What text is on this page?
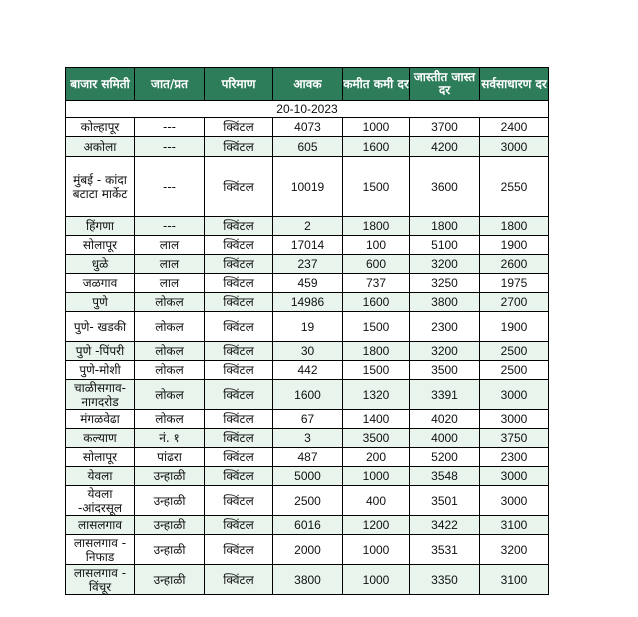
बाजार समिती	जात/प्रत	परिमाण	आवक	कमीत कमी दर	जास्तीत जास्त दर	सर्वसाधारण दर
20-10-2023						
कोल्हापूर	---	क्विंटल	4073	1000	3700	2400
अकोला	---	क्विंटल	605	1600	4200	3000
मुंबई - कांदा बटाटा मार्केट	---	क्विंटल	10019	1500	3600	2550
हिंगणा	---	क्विंटल	2	1800	1800	1800
सोलापूर	लाल	क्विंटल	17014	100	5100	1900
धुळे	लाल	क्विंटल	237	600	3200	2600
जळगाव	लाल	क्विंटल	459	737	3250	1975
पुणे	लोकल	क्विंटल	14986	1600	3800	2700
पुणे- खडकी	लोकल	क्विंटल	19	1500	2300	1900
पुणे -पिंपरी	लोकल	क्विंटल	30	1800	3200	2500
पुणे-मोशी	लोकल	क्विंटल	442	1500	3500	2500
चाळीसगाव-नागदरोड	लोकल	क्विंटल	1600	1320	3391	3000
मंगळवेढा	लोकल	क्विंटल	67	1400	4020	3000
कल्याण	नं. १	क्विंटल	3	3500	4000	3750
सोलापूर	पांढरा	क्विंटल	487	200	5200	2300
येवला	उन्हाळी	क्विंटल	5000	1000	3548	3000
येवला -आंदरसूल	उन्हाळी	क्विंटल	2500	400	3501	3000
लासलगाव	उन्हाळी	क्विंटल	6016	1200	3422	3100
लासलगाव - निफाड	उन्हाळी	क्विंटल	2000	1000	3531	3200
लासलगाव - विंचूर	उन्हाळी	क्विंटल	3800	1000	3350	3100
